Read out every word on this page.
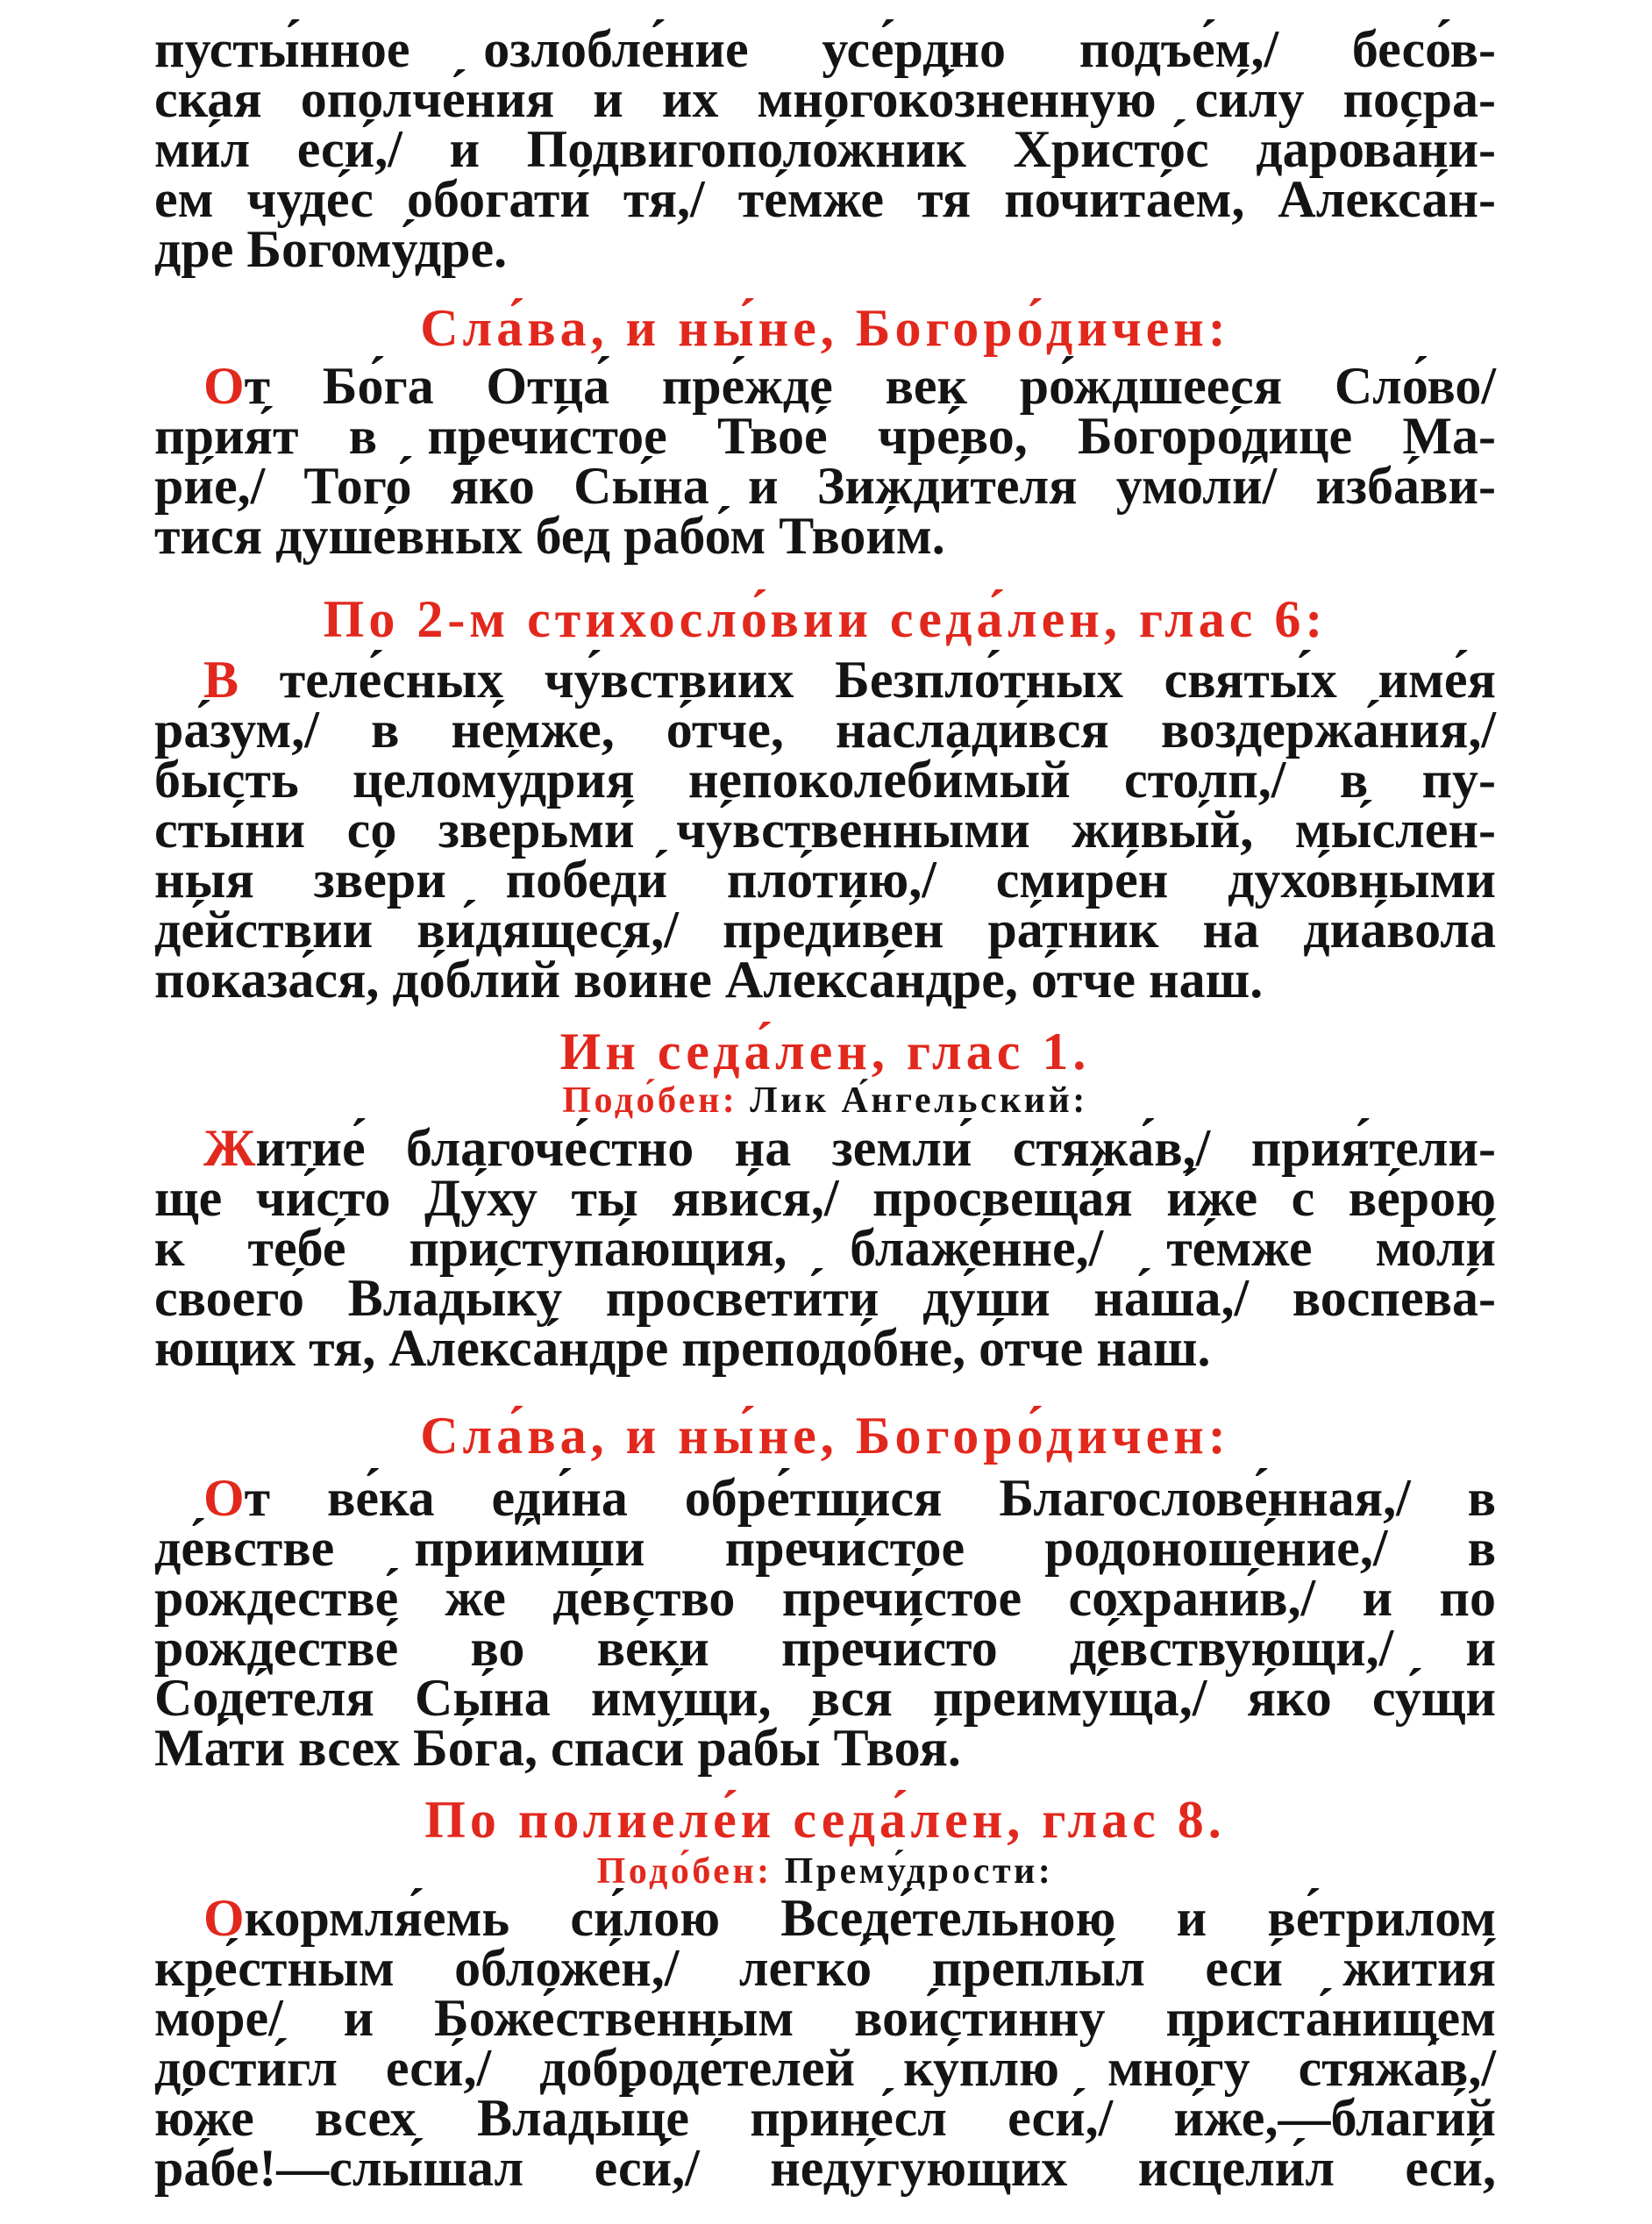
пусты́нное озлобле́ние усе́рдно подъе́м,/ бесо́в-
ская ополче́ния и их многоко́зненную си́лу посра-
ми́л еси́,/ и Подвигополо́жник Христо́с дарова́ни-
ем чуде́с обогати́ тя,/ те́мже тя почита́ем, Алекса́н-
дре Богому́дре.
Сла́ва, и ны́не, Богоро́дичен:
От Бо́га Отца́ пре́жде век ро́ждшееся Сло́во/
прия́т в пречи́стое Твое́ чре́во, Богоро́дице Ма-
ри́е,/ Того́ я́ко Сы́на и Зижди́теля умоли́/ изба́ви-
тися душе́вных бед рабо́м Твои́м.
По 2-м стихосло́вии седа́лен, глас 6:
В теле́сных чу́вствиих Безпло́тных святы́х име́я
ра́зум,/ в не́мже, о́тче, наслади́вся воздержа́ния,/
бысть целому́дрия непоколеби́мый столп,/ в пу-
сты́ни со зверьми́ чу́вственными живы́й, мы́слен-
ныя зве́ри победи́ пло́тию,/ смире́н духо́вными
де́йствии ви́дящеся,/ преди́вен ра́тник на диа́вола
показа́ся, до́блий во́ине Алекса́ндре, о́тче наш.
Ин седа́лен, глас 1.
Подо́бен: Лик А́нгельский:
Житие́ благоче́стно на земли́ стяжа́в,/ прия́тели-
ще чи́сто Ду́ху ты яви́ся,/ просвеща́я и́же с ве́рою
к тебе́ приступа́ющия, блаже́нне,/ те́мже моли́
своего́ Влады́ку просвети́ти ду́ши на́ша,/ воспева́-
ющих тя, Алекса́ндре преподо́бне, о́тче наш.
Сла́ва, и ны́не, Богоро́дичен:
От ве́ка еди́на обре́тшися Благослове́нная,/ в
де́встве прии́мши пречи́стое родоноше́ние,/ в
рождестве́ же де́вство пречи́стое сохрани́в,/ и по
рождестве́ во ве́ки пречи́сто де́вствующи,/ и
Соде́теля Сы́на иму́щи, вся преиму́ща,/ я́ко су́щи
Ма́ти всех Бо́га, спаси́ рабы́ Твоя́.
По полиеле́и седа́лен, глас 8.
Подо́бен: Прему́дрости:
Окормля́емь си́лою Вседе́тельною и ве́трилом
кре́стным обложе́н,/ легко́ преплы́л еси́ жития́
мо́ре/ и Боже́ственным вои́стинну приста́нищем
дости́гл еси́,/ доброде́телей ку́плю мно́гу стяжа́в,/
ю́же всех Влады́це прине́сл еси́,/ и́же,—благи́й
ра́бе!—слы́шал еси́,/ неду́гующих исцели́л еси́,
